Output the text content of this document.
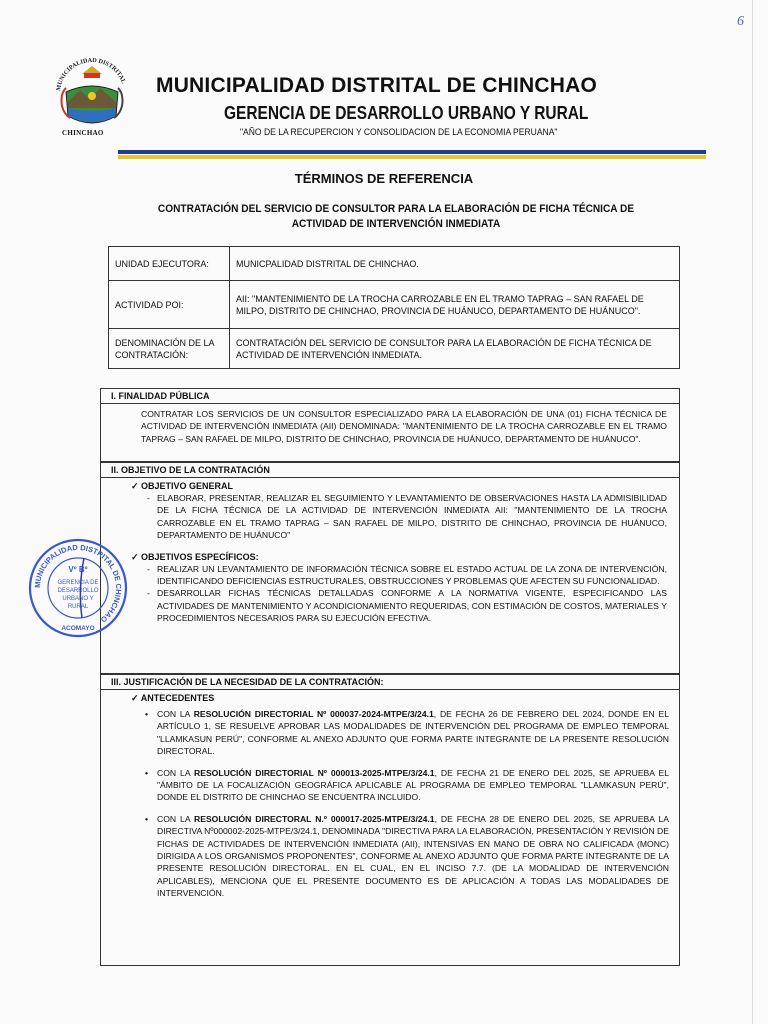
6
MUNICIPALIDAD DISTRITAL
CHINCHAO
MUNICIPALIDAD DISTRITAL DE CHINCHAO
GERENCIA DE DESARROLLO URBANO Y RURAL
"AÑO DE LA RECUPERCION Y CONSOLIDACION DE LA ECONOMIA PERUANA"
TÉRMINOS DE REFERENCIA
CONTRATACIÓN DEL SERVICIO DE CONSULTOR PARA LA ELABORACIÓN DE FICHA TÉCNICA DE ACTIVIDAD DE INTERVENCIÓN INMEDIATA
UNIDAD EJECUTORA:	MUNICPALIDAD DISTRITAL DE CHINCHAO.
ACTIVIDAD POI:	AII: "MANTENIMIENTO DE LA TROCHA CARROZABLE EN EL TRAMO TAPRAG – SAN RAFAEL DE MILPO, DISTRITO DE CHINCHAO, PROVINCIA DE HUÁNUCO, DEPARTAMENTO DE HUÁNUCO".
DENOMINACIÓN DE LA CONTRATACIÓN:	CONTRATACIÓN DEL SERVICIO DE CONSULTOR PARA LA ELABORACIÓN DE FICHA TÉCNICA DE ACTIVIDAD DE INTERVENCIÓN INMEDIATA.
I. FINALIDAD PÚBLICA
CONTRATAR LOS SERVICIOS DE UN CONSULTOR ESPECIALIZADO PARA LA ELABORACIÓN DE UNA (01) FICHA TÉCNICA DE ACTIVIDAD DE INTERVENCIÓN INMEDIATA (AII) DENOMINADA: "MANTENIMIENTO DE LA TROCHA CARROZABLE EN EL TRAMO TAPRAG – SAN RAFAEL DE MILPO, DISTRITO DE CHINCHAO, PROVINCIA DE HUÁNUCO, DEPARTAMENTO DE HUÁNUCO".
II. OBJETIVO DE LA CONTRATACIÓN
✓ OBJETIVO GENERAL
- ELABORAR, PRESENTAR, REALIZAR EL SEGUIMIENTO Y LEVANTAMIENTO DE OBSERVACIONES HASTA LA ADMISIBILIDAD DE LA FICHA TÉCNICA DE LA ACTIVIDAD DE INTERVENCIÓN INMEDIATA AII: "MANTENIMIENTO DE LA TROCHA CARROZABLE EN EL TRAMO TAPRAG – SAN RAFAEL DE MILPO, DISTRITO DE CHINCHAO, PROVINCIA DE HUÁNUCO, DEPARTAMENTO DE HUÁNUCO"
✓ OBJETIVOS ESPECÍFICOS:
- REALIZAR UN LEVANTAMIENTO DE INFORMACIÓN TÉCNICA SOBRE EL ESTADO ACTUAL DE LA ZONA DE INTERVENCIÓN, IDENTIFICANDO DEFICIENCIAS ESTRUCTURALES, OBSTRUCCIONES Y PROBLEMAS QUE AFECTEN SU FUNCIONALIDAD.
- DESARROLLAR FICHAS TÉCNICAS DETALLADAS CONFORME A LA NORMATIVA VIGENTE, ESPECIFICANDO LAS ACTIVIDADES DE MANTENIMIENTO Y ACONDICIONAMIENTO REQUERIDAS, CON ESTIMACIÓN DE COSTOS, MATERIALES Y PROCEDIMIENTOS NECESARIOS PARA SU EJECUCIÓN EFECTIVA.
III. JUSTIFICACIÓN DE LA NECESIDAD DE LA CONTRATACIÓN:
✓ ANTECEDENTES
•	CON LA RESOLUCIÓN DIRECTORIAL Nº 000037-2024-MTPE/3/24.1, DE FECHA 26 DE FEBRERO DEL 2024, DONDE EN EL ARTÍCULO 1, SE RESUELVE APROBAR LAS MODALIDADES DE INTERVENCIÓN DEL PROGRAMA DE EMPLEO TEMPORAL "LLAMKASUN PERÚ", CONFORME AL ANEXO ADJUNTO QUE FORMA PARTE INTEGRANTE DE LA PRESENTE RESOLUCIÓN DIRECTORAL.
•	CON LA RESOLUCIÓN DIRECTORIAL Nº 000013-2025-MTPE/3/24.1, DE FECHA 21 DE ENERO DEL 2025, SE APRUEBA EL "ÁMBITO DE LA FOCALIZACIÓN GEOGRÁFICA APLICABLE AL PROGRAMA DE EMPLEO TEMPORAL "LLAMKASUN PERÚ", DONDE EL DISTRITO DE CHINCHAO SE ENCUENTRA INCLUIDO.
•	CON LA RESOLUCIÓN DIRECTORAL N.º 000017-2025-MTPE/3/24.1, DE FECHA 28 DE ENERO DEL 2025, SE APRUEBA LA DIRECTIVA Nº000002-2025-MTPE/3/24.1, DENOMINADA "DIRECTIVA PARA LA ELABORACIÓN, PRESENTACIÓN Y REVISIÓN DE FICHAS DE ACTIVIDADES DE INTERVENCIÓN INMEDIATA (AII), INTENSIVAS EN MANO DE OBRA NO CALIFICADA (MONC) DIRIGIDA A LOS ORGANISMOS PROPONENTES", CONFORME AL ANEXO ADJUNTO QUE FORMA PARTE INTEGRANTE DE LA PRESENTE RESOLUCIÓN DIRECTORAL. EN EL CUAL, EN EL INCISO 7.7. (DE LA MODALIDAD DE INTERVENCIÓN APLICABLES), MENCIONA QUE EL PRESENTE DOCUMENTO ES DE APLICACIÓN A TODAS LAS MODALIDADES DE INTERVENCIÓN.
MUNICIPALIDAD DISTRITAL DE CHINCHAO
Vº Bº
GERENCIA DE
DESARROLLO
URBANO Y
RURAL
ACOMAYO
